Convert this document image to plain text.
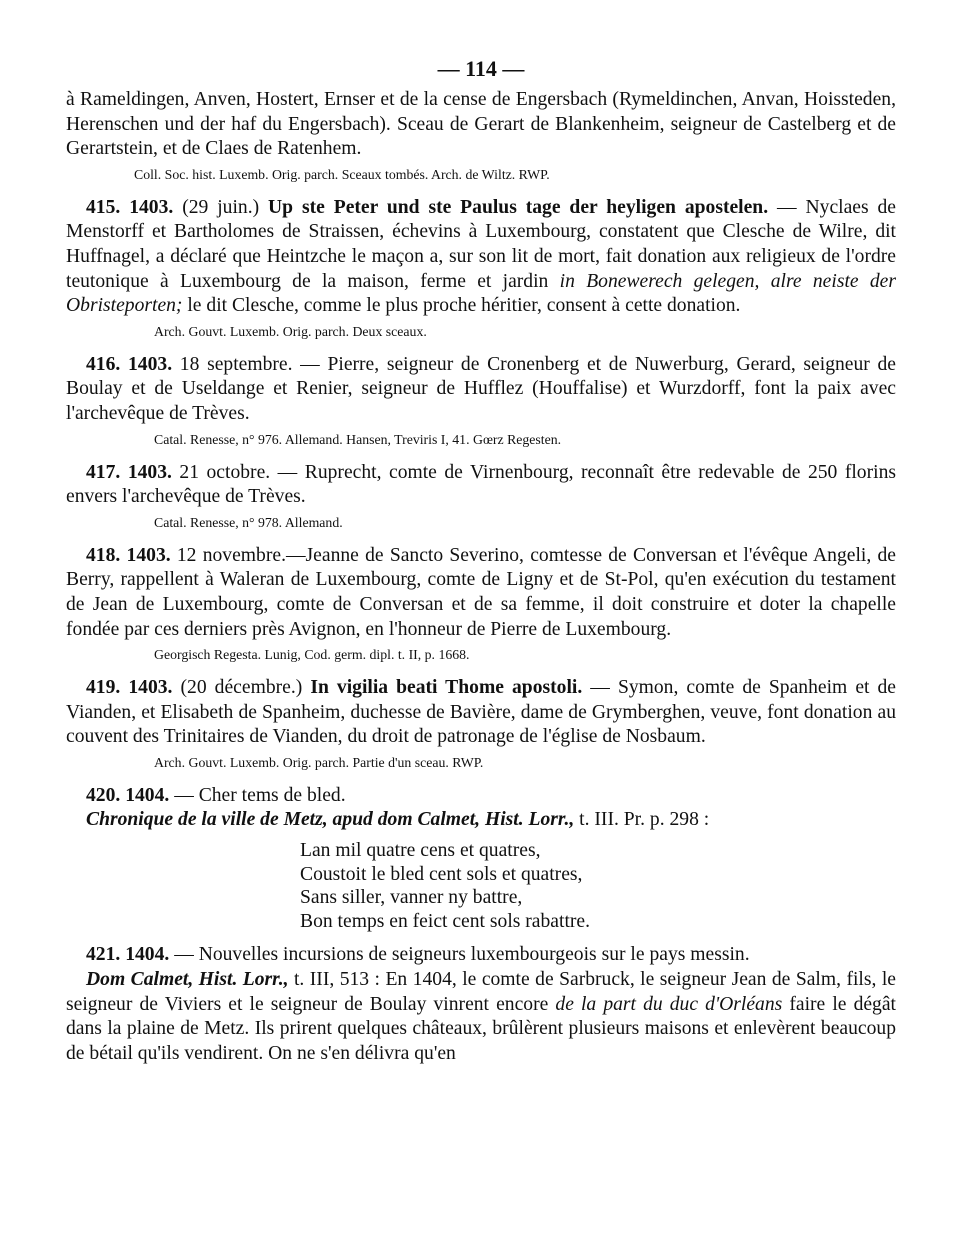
— 114 —

à Rameldingen, Anven, Hostert, Ernser et de la cense de Engersbach (Rymeldinchen, Anvan, Hoissteden, Herenschen und der haf du Engersbach). Sceau de Gerart de Blankenheim, seigneur de Castelberg et de Gerartstein, et de Claes de Ratenhem.

Coll. Soc. hist. Luxemb. Orig. parch. Sceaux tombés. Arch. de Wiltz. RWP.

415. 1403. (29 juin.) Up ste Peter und ste Paulus tage der heyligen apostelen. — Nyclaes de Menstorff et Bartholomes de Straissen, échevins à Luxembourg, constatent que Clesche de Wilre, dit Huffnagel, a déclaré que Heintzche le maçon a, sur son lit de mort, fait donation aux religieux de l'ordre teutonique à Luxembourg de la maison, ferme et jardin in Bonewerech gelegen, alre neiste der Obristeporten; le dit Clesche, comme le plus proche héritier, consent à cette donation.

Arch. Gouvt. Luxemb. Orig. parch. Deux sceaux.

416. 1403. 18 septembre. — Pierre, seigneur de Cronenberg et de Nuwerburg, Gerard, seigneur de Boulay et de Useldange et Renier, seigneur de Hufflez (Houffalise) et Wurzdorff, font la paix avec l'archevêque de Trèves.

Catal. Renesse, n° 976. Allemand. Hansen, Treviris I, 41. Gœrz Regesten.

417. 1403. 21 octobre. — Ruprecht, comte de Virnenbourg, reconnaît être redevable de 250 florins envers l'archevêque de Trèves.

Catal. Renesse, n° 978. Allemand.

418. 1403. 12 novembre.—Jeanne de Sancto Severino, comtesse de Conversan et l'évêque Angeli, de Berry, rappellent à Waleran de Luxembourg, comte de Ligny et de St-Pol, qu'en exécution du testament de Jean de Luxembourg, comte de Conversan et de sa femme, il doit construire et doter la chapelle fondée par ces derniers près Avignon, en l'honneur de Pierre de Luxembourg.

Georgisch Regesta. Lunig, Cod. germ. dipl. t. II, p. 1668.

419. 1403. (20 décembre.) In vigilia beati Thome apostoli. — Symon, comte de Spanheim et de Vianden, et Elisabeth de Spanheim, duchesse de Bavière, dame de Grymberghen, veuve, font donation au couvent des Trinitaires de Vianden, du droit de patronage de l'église de Nosbaum.

Arch. Gouvt. Luxemb. Orig. parch. Partie d'un sceau. RWP.

420. 1404. — Cher tems de bled.

Chronique de la ville de Metz, apud dom Calmet, Hist. Lorr., t. III. Pr. p. 298 :

Lan mil quatre cens et quatres,
Coustoit le bled cent sols et quatres,
Sans siller, vanner ny battre,
Bon temps en feict cent sols rabattre.

421. 1404. — Nouvelles incursions de seigneurs luxembourgeois sur le pays messin.

Dom Calmet, Hist. Lorr., t. III, 513 : En 1404, le comte de Sarbruck, le seigneur Jean de Salm, fils, le seigneur de Viviers et le seigneur de Boulay vinrent encore de la part du duc d'Orléans faire le dégât dans la plaine de Metz. Ils prirent quelques châteaux, brûlèrent plusieurs maisons et enlevèrent beaucoup de bétail qu'ils vendirent. On ne s'en délivra qu'en
